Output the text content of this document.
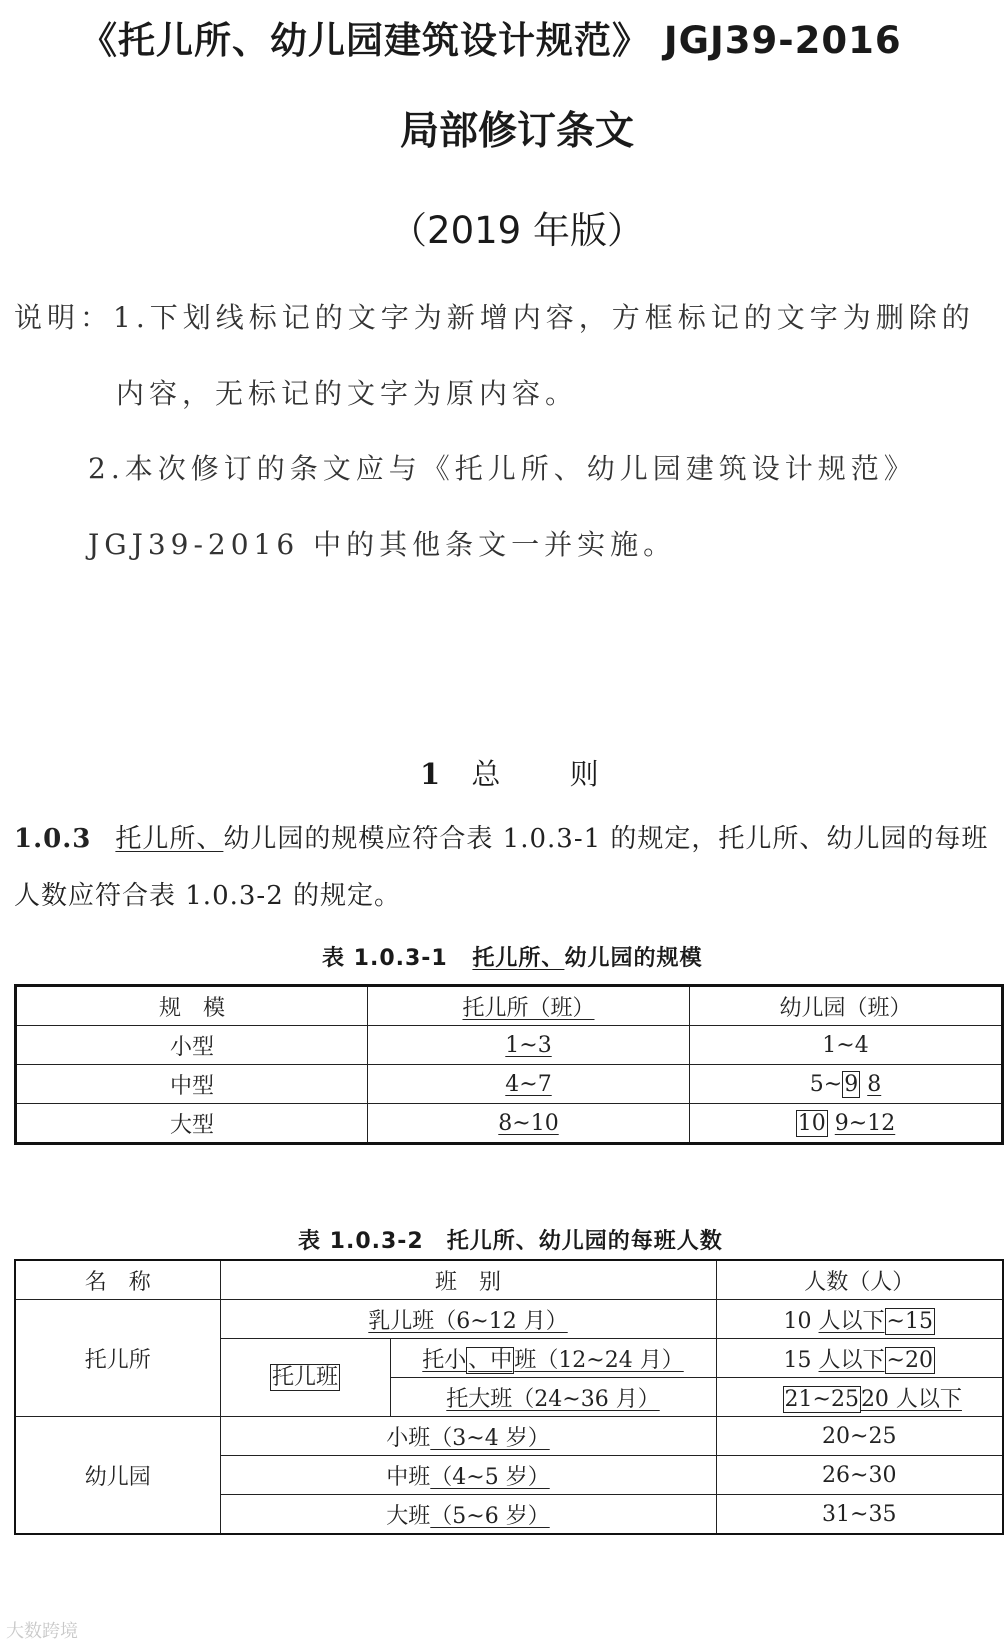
《托儿所、幼儿园建筑设计规范》 JGJ39-2016
局部修订条文
（2019 年版）
说明：1.下划线标记的文字为新增内容，方框标记的文字为删除的
内容，无标记的文字为原内容。
2.本次修订的条文应与《托儿所、幼儿园建筑设计规范》
JGJ39-2016 中的其他条文一并实施。
1 总 则
1.0.3 托儿所、幼儿园的规模应符合表 1.0.3-1 的规定，托儿所、幼儿园的每班
人数应符合表 1.0.3-2 的规定。
表 1.0.3-1 托儿所、幼儿园的规模
规　模	托儿所（班）	幼儿园（班）
小型	1~3	1~4
中型	4~7	5~9 8
大型	8~10	10 9~12
表 1.0.3-2　托儿所、幼儿园的每班人数
名　称	班　别		人数（人）
托儿所	乳儿班（6~12 月）		10 人以下~15
	托儿班	托小、中班（12~24 月）	15 人以下~20
		托大班（24~36 月）	21~2520 人以下
幼儿园	小班（3~4 岁）		20~25
	中班（4~5 岁）		26~30
	大班（5~6 岁）		31~35
大数跨境
